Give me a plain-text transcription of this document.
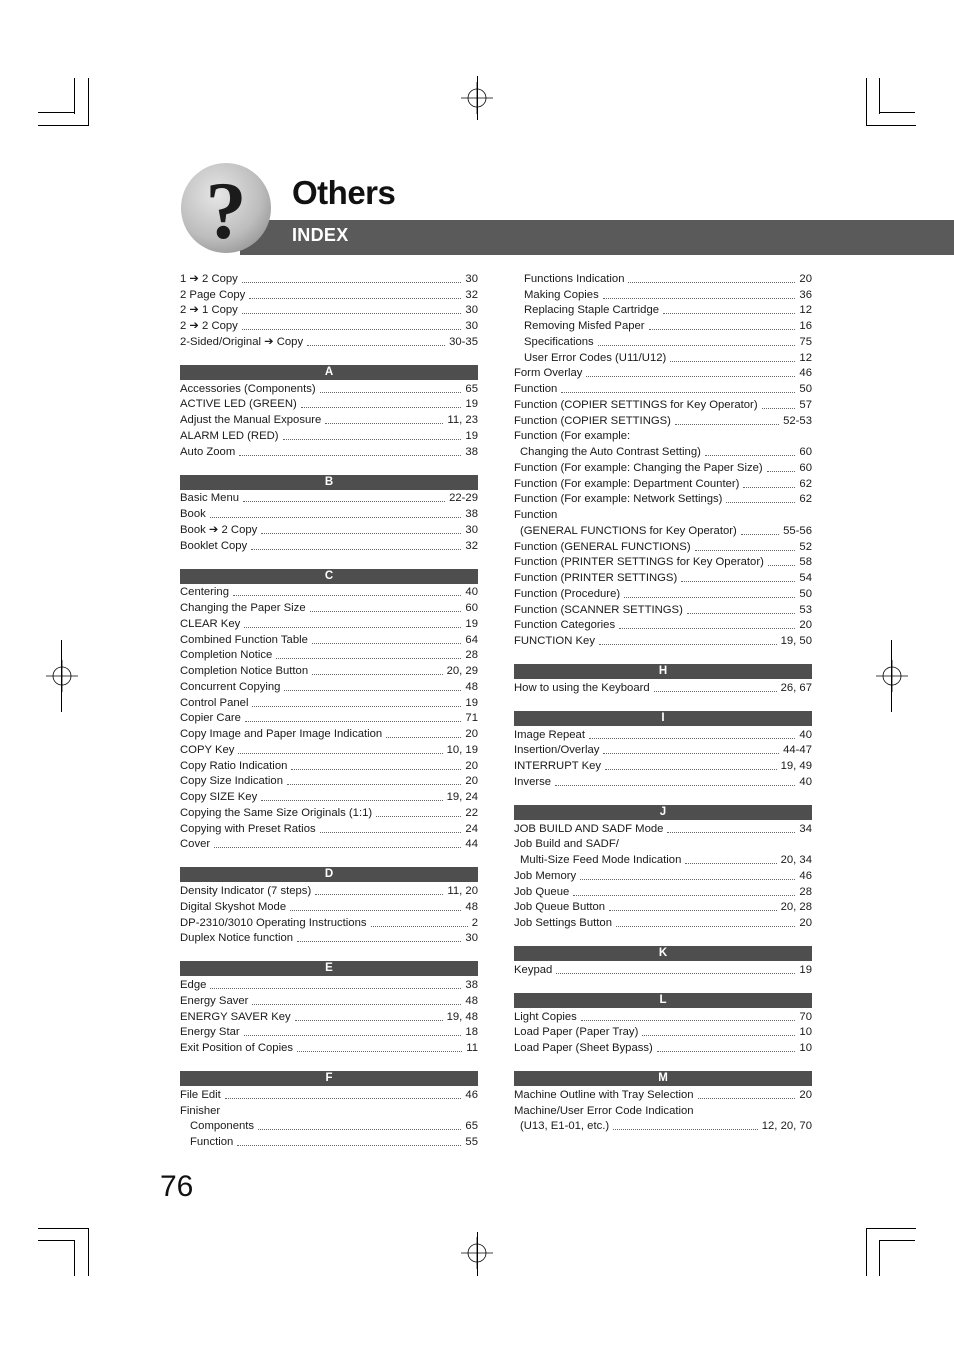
? Others
INDEX
1 ➔ 2 Copy	30
2 Page Copy	32
2 ➔ 1 Copy	30
2 ➔ 2 Copy	30
2-Sided/Original ➔ Copy	30-35
A
Accessories (Components)	65
ACTIVE LED (GREEN)	19
Adjust the Manual Exposure	11, 23
ALARM LED (RED)	19
Auto Zoom	38
B
Basic Menu	22-29
Book	38
Book ➔ 2 Copy	30
Booklet Copy	32
C
Centering	40
Changing the Paper Size	60
CLEAR Key	19
Combined Function Table	64
Completion Notice	28
Completion Notice Button	20, 29
Concurrent Copying	48
Control Panel	19
Copier Care	71
Copy Image and Paper Image Indication	20
COPY Key	10, 19
Copy Ratio Indication	20
Copy Size Indication	20
Copy SIZE Key	19, 24
Copying the Same Size Originals (1:1)	22
Copying with Preset Ratios	24
Cover	44
D
Density Indicator (7 steps)	11, 20
Digital Skyshot Mode	48
DP-2310/3010 Operating Instructions	2
Duplex Notice function	30
E
Edge	38
Energy Saver	48
ENERGY SAVER Key	19, 48
Energy Star	18
Exit Position of Copies	11
F
File Edit	46
Finisher
Components	65
Function	55
Functions Indication	20
Making Copies	36
Replacing Staple Cartridge	12
Removing Misfed Paper	16
Specifications	75
User Error Codes (U11/U12)	12
Form Overlay	46
Function	50
Function (COPIER SETTINGS for Key Operator)	57
Function (COPIER SETTINGS)	52-53
Function (For example:
Changing the Auto Contrast Setting)	60
Function (For example: Changing the Paper Size)	60
Function (For example: Department Counter)	62
Function (For example: Network Settings)	62
Function
(GENERAL FUNCTIONS for Key Operator)	55-56
Function (GENERAL FUNCTIONS)	52
Function (PRINTER SETTINGS for Key Operator)	58
Function (PRINTER SETTINGS)	54
Function (Procedure)	50
Function (SCANNER SETTINGS)	53
Function Categories	20
FUNCTION Key	19, 50
H
How to using the Keyboard	26, 67
I
Image Repeat	40
Insertion/Overlay	44-47
INTERRUPT Key	19, 49
Inverse	40
J
JOB BUILD AND SADF Mode	34
Job Build and SADF/
Multi-Size Feed Mode Indication	20, 34
Job Memory	46
Job Queue	28
Job Queue Button	20, 28
Job Settings Button	20
K
Keypad	19
L
Light Copies	70
Load Paper (Paper Tray)	10
Load Paper (Sheet Bypass)	10
M
Machine Outline with Tray Selection	20
Machine/User Error Code Indication
(U13, E1-01, etc.)	12, 20, 70
76
